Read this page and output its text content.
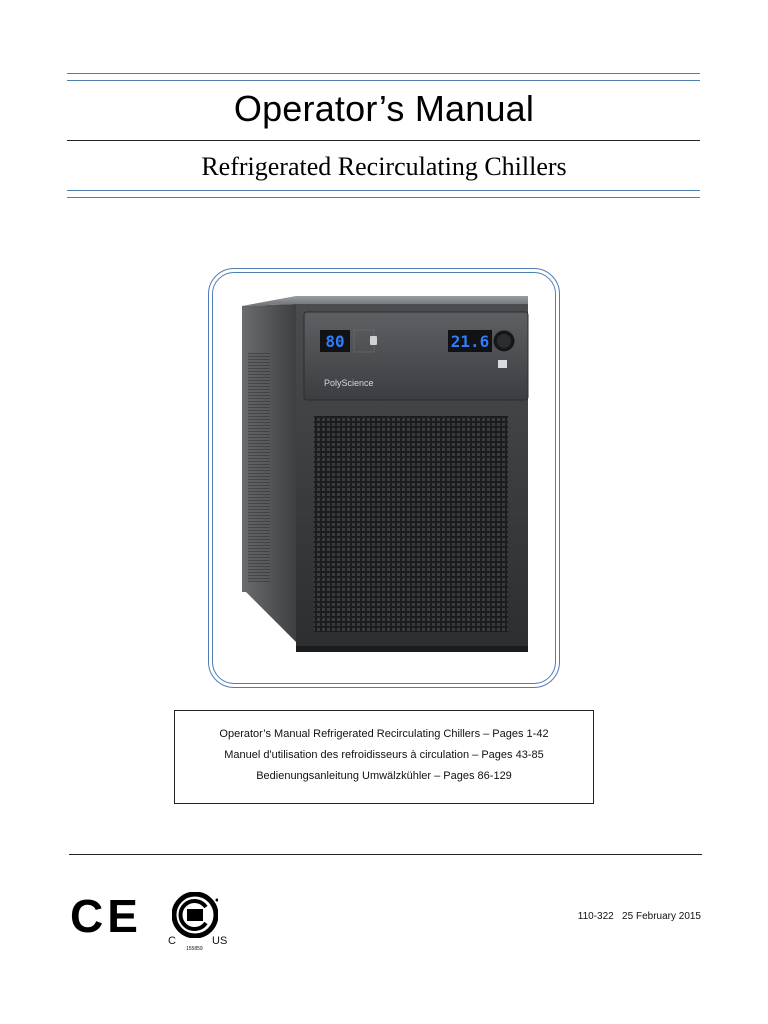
Operator’s Manual
Refrigerated Recirculating Chillers
80	21.6
PolyScience
Operator’s Manual Refrigerated Recirculating Chillers – Pages 1-42
Manuel d'utilisation des refroidisseurs à circulation – Pages 43-85
Bedienungsanleitung Umwälzkühler – Pages 86-129
CE C	US
155859
110-322   25 February 2015
